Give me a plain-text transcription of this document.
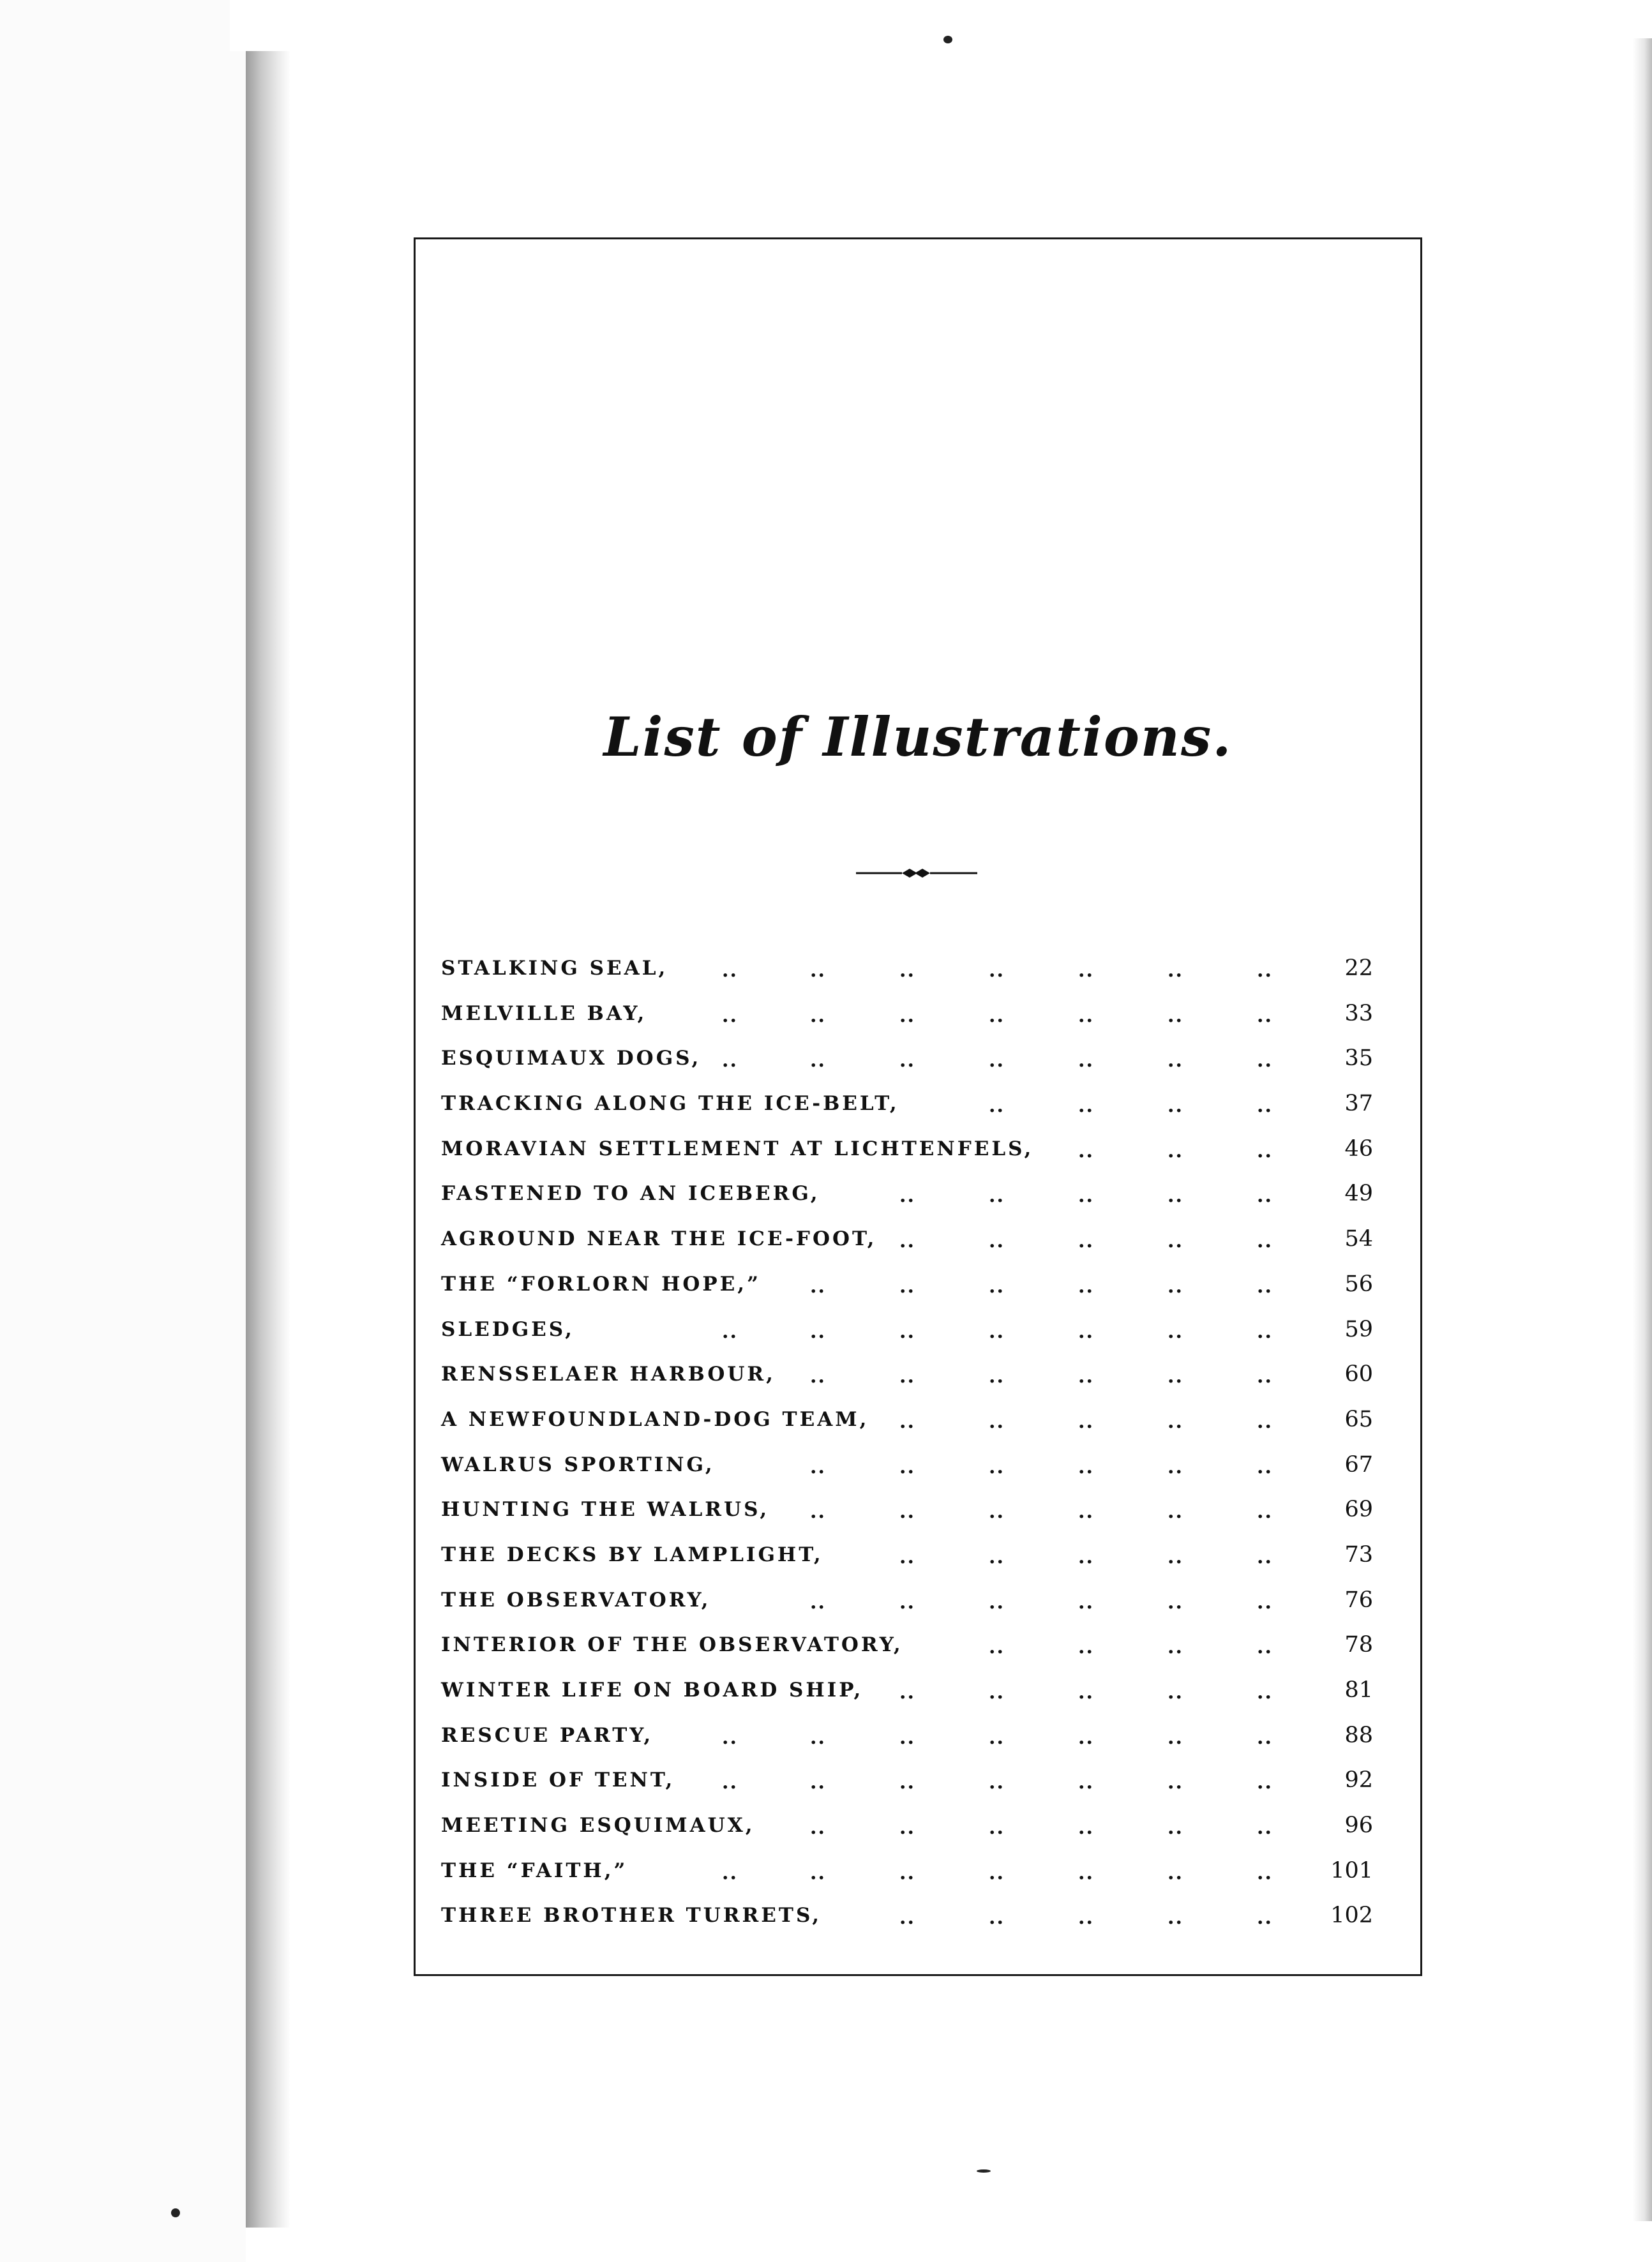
List of Illustrations.
STALKING SEAL,	22
··	··	··	··	··	··	··
MELVILLE BAY,	33
··	··	··	··	··	··	··
ESQUIMAUX DOGS,	35
··	··	··	··	··	··	··
TRACKING ALONG THE ICE-BELT,	37
··	··	··	··
MORAVIAN SETTLEMENT AT LICHTENFELS,	46
··	··	··
FASTENED TO AN ICEBERG,	49
··	··	··	··	··
AGROUND NEAR THE ICE-FOOT,	54
··	··	··	··	··
THE “FORLORN HOPE,”	56
··	··	··	··	··	··
SLEDGES,	59
··	··	··	··	··	··	··
RENSSELAER HARBOUR,	60
··	··	··	··	··	··
A NEWFOUNDLAND-DOG TEAM,	65
··	··	··	··	··
WALRUS SPORTING,	67
··	··	··	··	··	··
HUNTING THE WALRUS,	69
··	··	··	··	··	··
THE DECKS BY LAMPLIGHT,	73
··	··	··	··	··
THE OBSERVATORY,	76
··	··	··	··	··	··
INTERIOR OF THE OBSERVATORY,	78
··	··	··	··
WINTER LIFE ON BOARD SHIP,	81
··	··	··	··	··
RESCUE PARTY,	88
··	··	··	··	··	··	··
INSIDE OF TENT,	92
··	··	··	··	··	··	··
MEETING ESQUIMAUX,	96
··	··	··	··	··	··
THE “FAITH,”	101
··	··	··	··	··	··	··
THREE BROTHER TURRETS,	102
··	··	··	··	··
